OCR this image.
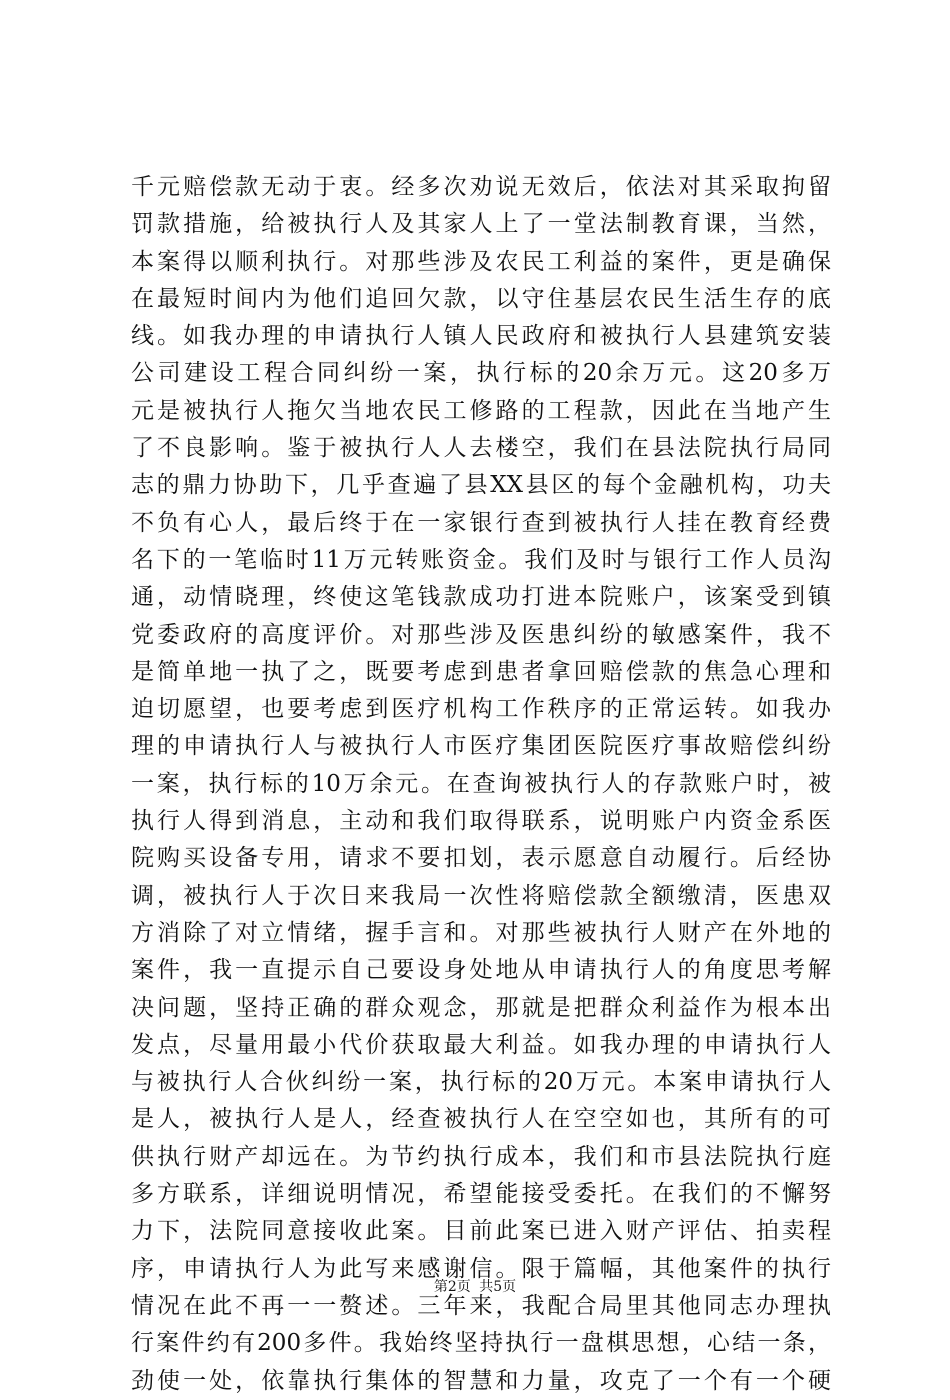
千元赔偿款无动于衷。经多次劝说无效后，依法对其采取拘留
罚款措施，给被执行人及其家人上了一堂法制教育课，当然，
本案得以顺利执行。对那些涉及农民工利益的案件，更是确保
在最短时间内为他们追回欠款，以守住基层农民生活生存的底
线。如我办理的申请执行人镇人民政府和被执行人县建筑安装
公司建设工程合同纠纷一案，执行标的20余万元。这20多万
元是被执行人拖欠当地农民工修路的工程款，因此在当地产生
了不良影响。鉴于被执行人人去楼空，我们在县法院执行局同
志的鼎力协助下，几乎查遍了县XX县区的每个金融机构，功夫
不负有心人，最后终于在一家银行查到被执行人挂在教育经费
名下的一笔临时11万元转账资金。我们及时与银行工作人员沟
通，动情晓理，终使这笔钱款成功打进本院账户，该案受到镇
党委政府的高度评价。对那些涉及医患纠纷的敏感案件，我不
是简单地一执了之，既要考虑到患者拿回赔偿款的焦急心理和
迫切愿望，也要考虑到医疗机构工作秩序的正常运转。如我办
理的申请执行人与被执行人市医疗集团医院医疗事故赔偿纠纷
一案，执行标的10万余元。在查询被执行人的存款账户时，被
执行人得到消息，主动和我们取得联系，说明账户内资金系医
院购买设备专用，请求不要扣划，表示愿意自动履行。后经协
调，被执行人于次日来我局一次性将赔偿款全额缴清，医患双
方消除了对立情绪，握手言和。对那些被执行人财产在外地的
案件，我一直提示自己要设身处地从申请执行人的角度思考解
决问题，坚持正确的群众观念，那就是把群众利益作为根本出
发点，尽量用最小代价获取最大利益。如我办理的申请执行人
与被执行人合伙纠纷一案，执行标的20万元。本案申请执行人
是人，被执行人是人，经查被执行人在空空如也，其所有的可
供执行财产却远在。为节约执行成本，我们和市县法院执行庭
多方联系，详细说明情况，希望能接受委托。在我们的不懈努
力下，法院同意接收此案。目前此案已进入财产评估、拍卖程
序，申请执行人为此写来感谢信。限于篇幅，其他案件的执行
情况在此不再一一赘述。三年来，我配合局里其他同志办理执
行案件约有200多件。我始终坚持执行一盘棋思想，心结一条，
劲使一处，依靠执行集体的智慧和力量，攻克了一个有一个硬
第2页 共5页
